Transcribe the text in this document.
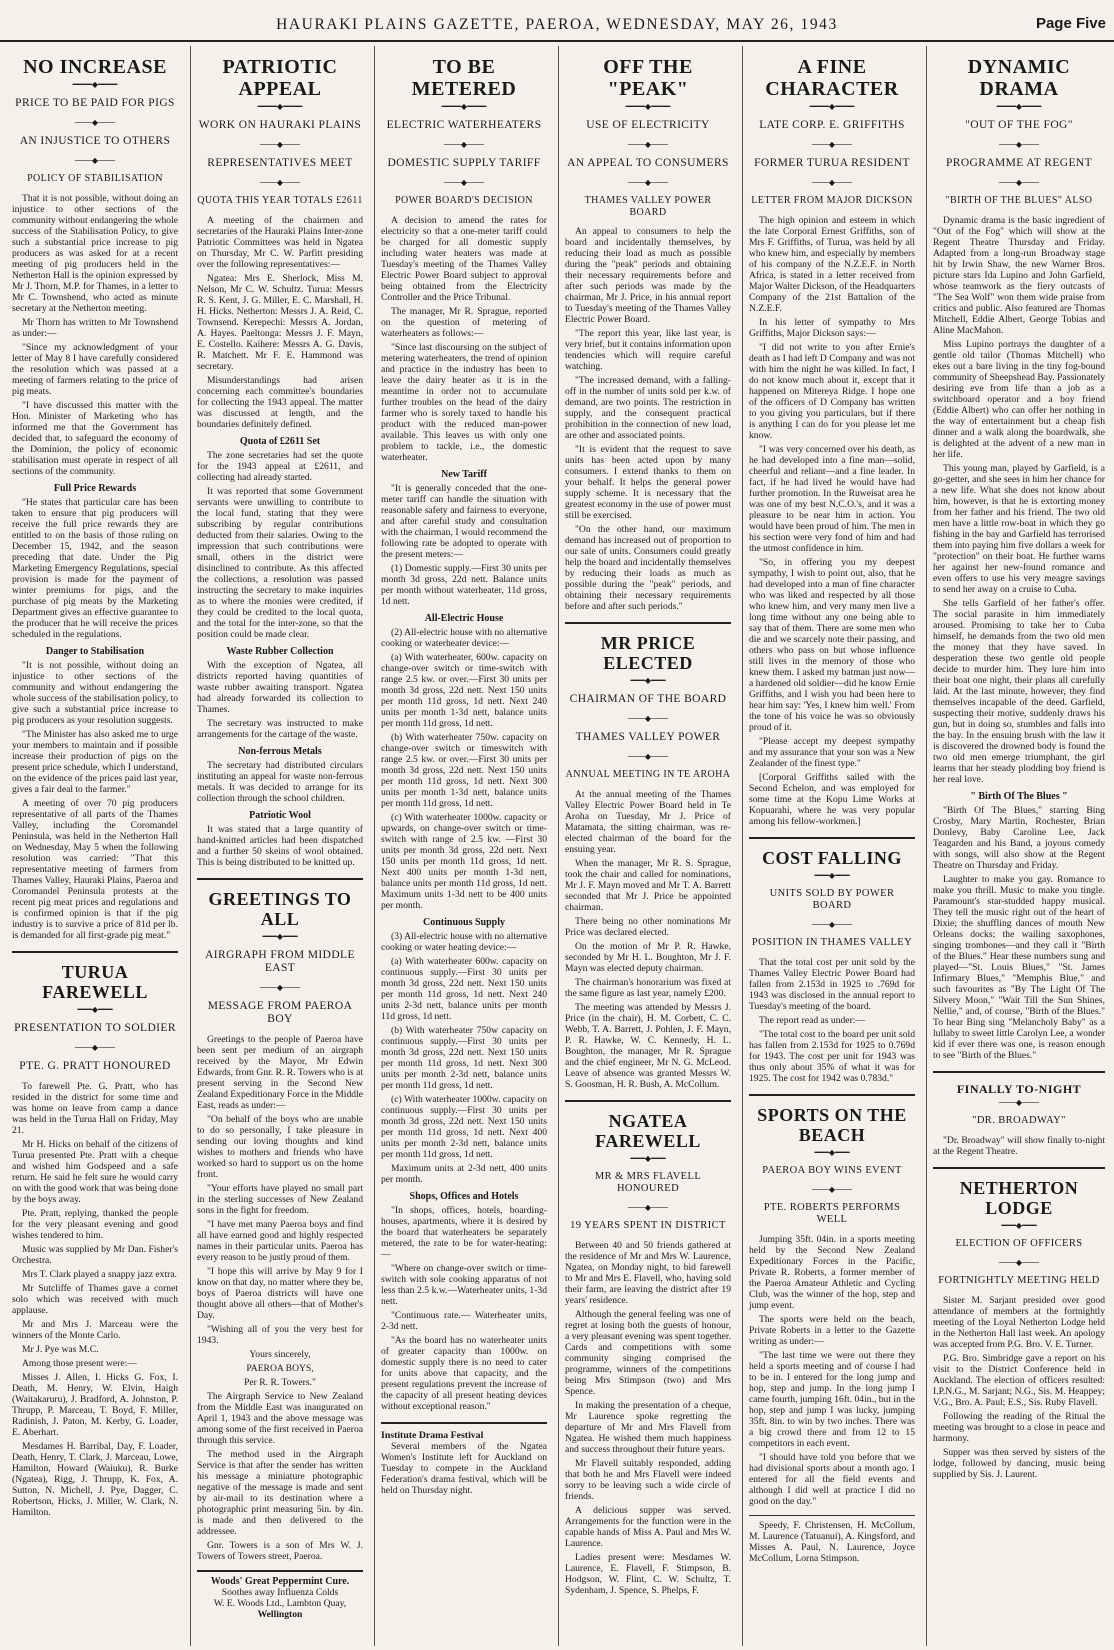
HAURAKI PLAINS GAZETTE, PAEROA, WEDNESDAY, MAY 26, 1943	Page Five
NO INCREASE
━━━━◆━━━━
PRICE TO BE PAID FOR PIGS
───◆───
AN INJUSTICE TO OTHERS
───◆───
POLICY OF STABILISATION

That it is not possible, without doing an injustice to other sections of the community without endangering the whole success of the Stabilisation Policy, to give such a substantial price increase to pig producers as was asked for at a recent meeting of pig producers held in the Netherton Hall is the opinion expressed by Mr J. Thorn, M.P. for Thames, in a letter to Mr C. Townshend, who acted as minute secretary at the Netherton meeting.

Mr Thorn has written to Mr Townshend as under:—

"Since my acknowledgment of your letter of May 8 I have carefully considered the resolution which was passed at a meeting of farmers relating to the price of pig meats.

"I have discussed this matter with the Hon. Minister of Marketing who has informed me that the Government has decided that, to safeguard the economy of the Dominion, the policy of economic stabilisation must operate in respect of all sections of the community.

Full Price Rewards

"He states that particular care has been taken to ensure that pig producers will receive the full price rewards they are entitled to on the basis of those ruling on December 15, 1942, and the season preceding that date. Under the Pig Marketing Emergency Regulations, special provision is made for the payment of winter premiums for pigs, and the purchase of pig meats by the Marketing Department gives an effective guarantee to the producer that he will receive the prices scheduled in the regulations.

Danger to Stabilisation

"It is not possible, without doing an injustice to other sections of the community and without endangering the whole success of the stabilisation policy, to give such a substantial price increase to pig producers as your resolution suggests.

"The Minister has also asked me to urge your members to maintain and if possible increase their production of pigs on the present price schedule, which I understand, on the evidence of the prices paid last year, gives a fair deal to the farmer."

A meeting of over 70 pig producers representative of all parts of the Thames Valley, including the Coromandel Peninsula, was held in the Netherton Hall on Wednesday, May 5 when the following resolution was carried: "That this representative meeting of farmers from Thames Valley, Hauraki Plains, Paeroa and Coromandel Peninsula protests at the recent pig meat prices and regulations and is confirmed opinion is that if the pig industry is to survive a price of 81d per lb. is demanded for all first-grade pig meat."

TURUA FAREWELL
━━━◆━━━
PRESENTATION TO SOLDIER
───◆───
PTE. G. PRATT HONOURED

To farewell Pte. G. Pratt, who has resided in the district for some time and was home on leave from camp a dance was held in the Turua Hall on Friday, May 21.

Mr H. Hicks on behalf of the citizens of Turua presented Pte. Pratt with a cheque and wished him Godspeed and a safe return. He said he felt sure he would carry on with the good work that was being done by the boys away.

Pte. Pratt, replying, thanked the people for the very pleasant evening and good wishes tendered to him.

Music was supplied by Mr Dan. Fisher's Orchestra.

Mrs T. Clark played a snappy jazz extra.

Mr Sutcliffe of Thames gave a cornet solo which was received with much applause.

Mr and Mrs J. Marceau were the winners of the Monte Carlo.

Mr J. Pye was M.C.

Among those present were:—

Misses J. Allen, I. Hicks G. Fox, I. Death, M. Henry, W. Elvin, Haigh (Waitakaruru), J. Bradford, A. Johnston, P. Thrupp, P. Marceau, T. Boyd, F. Miller, Radinish, J. Paton, M. Kerby, G. Loader, E. Aberhart.

Mesdames H. Barribal, Day, F. Loader, Death, Henry, T. Clark, J. Marceau, Lowe, Hamilton, Howard (Waiuku), R. Burke (Ngatea), Rigg, J. Thrupp, K. Fox, A. Sutton, N. Michell, J. Pye, Dagger, C. Robertson, Hicks, J. Miller, W. Clark, N. Hamilton.

PATRIOTIC APPEAL
━━━━◆━━━━
WORK ON HAURAKI PLAINS
───◆───
REPRESENTATIVES MEET
───◆───
QUOTA THIS YEAR TOTALS £2611

A meeting of the chairmen and secretaries of the Hauraki Plains Inter-zone Patriotic Committees was held in Ngatea on Thursday, Mr C. W. Parfitt presiding over the following representatives:—

Ngatea: Mrs E. Sherlock, Miss M. Nelson, Mr C. W. Schultz. Turua: Messrs R. S. Kent, J. G. Miller, E. C. Marshall, H. H. Hicks. Netherton: Messrs J. A. Reid, C. Townsend. Kerepechi: Messrs A. Jordan, A. Hayes. Paeltonga: Messrs J. F. Mayn, E. Costello. Kaihere: Messrs A. G. Davis, R. Matchett. Mr F. E. Hammond was secretary.

Misunderstandings had arisen concerning each committee's boundaries for collecting the 1943 appeal. The matter was discussed at length, and the boundaries definitely defined.

Quota of £2611 Set

The zone secretaries had set the quote for the 1943 appeal at £2611, and collecting had already started.

It was reported that some Government servants were unwilling to contribute to the local fund, stating that they were subscribing by regular contributions deducted from their salaries. Owing to the impression that such contributions were small, others in the district were disinclined to contribute. As this affected the collections, a resolution was passed instructing the secretary to make inquiries as to where the monies were credited, if they could be credited to the local quota, and the total for the inter-zone, so that the position could be made clear.

Waste Rubber Collection

With the exception of Ngatea, all districts reported having quantities of waste rubber awaiting transport. Ngatea had already forwarded its collection to Thames.

The secretary was instructed to make arrangements for the cartage of the waste.

Non-ferrous Metals

The secretary had distributed circulars instituting an appeal for waste non-ferrous metals. It was decided to arrange for its collection through the school children.

Patriotic Wool

It was stated that a large quantity of hand-knitted articles had been dispatched and a further 50 skeins of wool obtained. This is being distributed to be knitted up.

GREETINGS TO ALL
━━━◆━━━
AIRGRAPH FROM MIDDLE EAST
───◆───
MESSAGE FROM PAEROA BOY

Greetings to the people of Paeroa have been sent per medium of an airgraph received by the Mayor, Mr Edwin Edwards, from Gnr. R. R. Towers who is at present serving in the Second New Zealand Expeditionary Force in the Middle East, reads as under:—

"On behalf of the boys who are unable to do so personally, I take pleasure in sending our loving thoughts and kind wishes to mothers and friends who have worked so hard to support us on the home front.

"Your efforts have played no small part in the sterling successes of New Zealand sons in the fight for freedom.

"I have met many Paeroa boys and find all have earned good and highly respected names in their particular units. Paeroa has every reason to be justly proud of them.

"I hope this will arrive by May 9 for I know on that day, no matter where they be, boys of Paeroa districts will have one thought above all others—that of Mother's Day.

"Wishing all of you the very best for 1943.

Yours sincerely,
PAEROA BOYS,
Per R. R. Towers."

The Airgraph Service to New Zealand from the Middle East was inaugurated on April 1, 1943 and the above message was among some of the first received in Paeroa through this service.

The method used in the Airgraph Service is that after the sender has written his message a miniature photographic negative of the message is made and sent by air-mail to its destination where a photographic print measuring 5in. by 4in. is made and then delivered to the addressee.

Gnr. Towers is a son of Mrs W. J. Towers of Towers street, Paeroa.

Woods' Great Peppermint Cure.
Soothes away Influenza Colds
W. E. Woods Ltd., Lambton Quay,
Wellington
TO BE METERED
━━━━◆━━━━
ELECTRIC WATERHEATERS
───◆───
DOMESTIC SUPPLY TARIFF
───◆───
POWER BOARD'S DECISION

A decision to amend the rates for electricity so that a one-meter tariff could be charged for all domestic supply including water heaters was made at Tuesday's meeting of the Thames Valley Electric Power Board subject to approval being obtained from the Electricity Controller and the Price Tribunal.

The manager, Mr R. Sprague, reported on the question of metering of waterheaters as follows:—

"Since last discoursing on the subject of metering waterheaters, the trend of opinion and practice in the industry has been to leave the dairy heater as it is in the meantime in order not to accumulate further troubles on the head of the dairy farmer who is sorely taxed to handle his product with the reduced man-power available. This leaves us with only one problem to tackle, i.e., the domestic waterheater.

New Tariff

"It is generally conceded that the one-meter tariff can handle the situation with reasonable safety and fairness to everyone, and after careful study and consultation with the chairman, I would recommend the following rate be adopted to operate with the present meters:—

(1) Domestic supply.—First 30 units per month 3d gross, 22d nett. Balance units per month without waterheater, 11d gross, 1d nett.

All-Electric House

(2) All-electric house with no alternative cooking or waterheater device:—

(a) With waterheater, 600w. capacity on change-over switch or time-switch with range 2.5 kw. or over.—First 30 units per month 3d gross, 22d nett. Next 150 units per month 11d gross, 1d nett. Next 240 units per month 1-3d nett, balance units per month 11d gross, 1d nett.

(b) With waterheater 750w. capacity on change-over switch or timeswitch with range 2.5 kw. or over.—First 30 units per month 3d gross, 22d nett. Next 150 units per month 11d gross, 1d nett. Next 300 units per month 1-3d nett, balance units per month 11d gross, 1d nett.

(c) With waterheater 1000w. capacity or upwards, on change-over switch or time-switch with range of 2.5 kw. —First 30 units per month 3d gross, 22d nett. Next 150 units per month 11d gross, 1d nett. Next 400 units per month 1-3d nett, balance units per month 11d gross, 1d nett. Maximum units 1-3d nett to be 400 units per month.

Continuous Supply

(3) All-electric house with no alternative cooking or water heating device:—

(a) With waterheater 600w. capacity on continuous supply.—First 30 units per month 3d gross, 22d nett. Next 150 units per month 11d gross, 1d nett. Next 240 units 2-3d nett, balance units per month 11d gross, 1d nett.

(b) With waterheater 750w capacity on continuous supply.—First 30 units per month 3d gross, 22d nett. Next 150 units per month 11d gross, 1d nett. Next 300 units per month 2-3d nett, balance units per month 11d gross, 1d nett.

(c) With waterheater 1000w. capacity on continuous supply.—First 30 units per month 3d gross, 22d nett. Next 150 units per month 11d gross, 1d nett. Next 400 units per month 2-3d nett, balance units per month 11d gross, 1d nett.

Maximum units at 2-3d nett, 400 units per month.

Shops, Offices and Hotels

"In shops, offices, hotels, boarding-houses, apartments, where it is desired by the board that waterheaters be separately metered, the rate to be for water-heating:—

"Where on change-over switch or time-switch with sole cooking apparatus of not less than 2.5 k.w.—Waterheater units, 1-3d nett.

"Continuous rate.— Waterheater units, 2-3d nett.

"As the board has no waterheater units of greater capacity than 1000w. on domestic supply there is no need to cater for units above that capacity, and the present regulations prevent the increase of the capacity of all present heating devices without exceptional reason."

Institute Drama Festival

Several members of the Ngatea Women's Institute left for Auckland on Tuesday to compete in the Auckland Federation's drama festival, which will be held on Thursday night.

OFF THE "PEAK"
━━━━◆━━━━
USE OF ELECTRICITY
───◆───
AN APPEAL TO CONSUMERS
───◆───
THAMES VALLEY POWER BOARD

An appeal to consumers to help the board and incidentally themselves, by reducing their load as much as possible during the "peak" periods and obtaining their necessary requirements before and after such periods was made by the chairman, Mr J. Price, in his annual report to Tuesday's meeting of the Thames Valley Electric Power Board.

"The report this year, like last year, is very brief, but it contains information upon tendencies which will require careful watching.

"The increased demand, with a falling-off in the number of units sold per k.w. of demand, are two points. The restriction in supply, and the consequent practical prohibition in the connection of new load, are other and associated points.

"It is evident that the request to save units has been acted upon by many consumers. I extend thanks to them on your behalf. It helps the general power supply scheme. It is necessary that the greatest economy in the use of power must still be exercised.

"On the other hand, our maximum demand has increased out of proportion to our sale of units. Consumers could greatly help the board and incidentally themselves by reducing their loads as much as possible during the "peak" periods, and obtaining their necessary requirements before and after such periods."

MR PRICE ELECTED
━━━◆━━━
CHAIRMAN OF THE BOARD
───◆───
THAMES VALLEY POWER
───◆───
ANNUAL MEETING IN TE AROHA

At the annual meeting of the Thames Valley Electric Power Board held in Te Aroha on Tuesday, Mr J. Price of Matamata, the sitting chairman, was re-elected chairman of the board for the ensuing year.

When the manager, Mr R. S. Sprague, took the chair and called for nominations, Mr J. F. Mayn moved and Mr T. A. Barrett seconded that Mr J. Price be appointed chairman.

There being no other nominations Mr Price was declared elected.

On the motion of Mr P. R. Hawke, seconded by Mr H. L. Boughton, Mr J. F. Mayn was elected deputy chairman.

The chairman's honorarium was fixed at the same figure as last year, namely £200.

The meeting was attended by Messrs J. Price (in the chair), H. M. Corbett, C. C. Webb, T. A. Barrett, J. Pohlen, J. F. Mayn, P. R. Hawke, W. C. Kennedy, H. L. Boughton, the manager, Mr R. Sprague and the chief engineer, Mr N. G. McLeod. Leave of absence was granted Messrs W. S. Goosman, H. R. Bush, A. McCollum.

NGATEA FAREWELL
━━━◆━━━
MR & MRS FLAVELL HONOURED
───◆───
19 YEARS SPENT IN DISTRICT

Between 40 and 50 friends gathered at the residence of Mr and Mrs W. Laurence, Ngatea, on Monday night, to bid farewell to Mr and Mrs E. Flavell, who, having sold their farm, are leaving the district after 19 years' residence.

Although the general feeling was one of regret at losing both the guests of honour, a very pleasant evening was spent together. Cards and competitions with some community singing comprised the programme, winners of the competitions being Mrs Stimpson (two) and Mrs Spence.

In making the presentation of a cheque, Mr Laurence spoke regretting the departure of Mr and Mrs Flavell from Ngatea. He wished them much happiness and success throughout their future years.

Mr Flavell suitably responded, adding that both he and Mrs Flavell were indeed sorry to be leaving such a wide circle of friends.

A delicious supper was served. Arrangements for the function were in the capable hands of Miss A. Paul and Mrs W. Laurence.

Ladies present were: Mesdames W. Laurence, E. Flavell, F. Stimpson, B. Hodgson, W. Flint, C. W. Schultz, T. Sydenham, J. Spence, S. Phelps, F.

A FINE CHARACTER
━━━━◆━━━━
LATE CORP. E. GRIFFITHS
───◆───
FORMER TURUA RESIDENT
───◆───
LETTER FROM MAJOR DICKSON

The high opinion and esteem in which the late Corporal Ernest Griffiths, son of Mrs F. Griffiths, of Turua, was held by all who knew him, and especially by members of his company of the N.Z.E.F. in North Africa, is stated in a letter received from Major Walter Dickson, of the Headquarters Company of the 21st Battalion of the N.Z.E.F.

In his letter of sympathy to Mrs Griffiths, Major Dickson says:—

"I did not write to you after Ernie's death as I had left D Company and was not with him the night he was killed. In fact, I do not know much about it, except that it happened on Mitereya Ridge. I hope one of the officers of D Company has written to you giving you particulars, but if there is anything I can do for you please let me know.

"I was very concerned over his death, as he had developed into a fine man—solid, cheerful and reliant—and a fine leader. In fact, if he had lived he would have had further promotion. In the Ruweisat area he was one of my best N.C.O.'s, and it was a pleasure to be near him in action. You would have been proud of him. The men in his section were very fond of him and had the utmost confidence in him.

"So, in offering you my deepest sympathy, I wish to point out, also, that he had developed into a man of fine character who was liked and respected by all those who knew him, and very many men live a long time without any one being able to say that of them. There are some men who die and we scarcely note their passing, and others who pass on but whose influence still lives in the memory of those who knew them. I asked my batman just now—a hardened old soldier—did he know Ernie Griffiths, and I wish you had been here to hear him say: 'Yes, I knew him well.' From the tone of his voice he was so obviously proud of it.

"Please accept my deepest sympathy and my assurance that your son was a New Zealander of the finest type."

[Corporal Griffiths sailed with the Second Echelon, and was employed for some time at the Kopu Lime Works at Kopuarahi, where he was very popular among his fellow-workmen.]

COST FALLING
━━━◆━━━
UNITS SOLD BY POWER BOARD
───◆───
POSITION IN THAMES VALLEY

That the total cost per unit sold by the Thames Valley Electric Power Board had fallen from 2.153d in 1925 to .769d for 1943 was disclosed in the annual report to Tuesday's meeting of the board.

The report read as under:—

"The total cost to the board per unit sold has fallen from 2.153d for 1925 to 0.769d for 1943. The cost per unit for 1943 was thus only about 35% of what it was for 1925. The cost for 1942 was 0.783d."

SPORTS ON THE BEACH
━━━◆━━━
PAEROA BOY WINS EVENT
───◆───
PTE. ROBERTS PERFORMS WELL

Jumping 35ft. 04in. in a sports meeting held by the Second New Zealand Expeditionary Forces in the Pacific, Private R. Roberts, a former member of the Paeroa Amateur Athletic and Cycling Club, was the winner of the hop, step and jump event.

The sports were held on the beach, Private Roberts in a letter to the Gazette writing as under:—

"The last time we were out there they held a sports meeting and of course I had to be in. I entered for the long jump and hop, step and jump. In the long jump I came fourth, jumping 16ft. 04in., but in the hop, step and jump I was lucky, jumping 35ft. 8in. to win by two inches. There was a big crowd there and from 12 to 15 competitors in each event.

"I should have told you before that we had divisional sports about a month ago. I entered for all the field events and although I did well at practice I did no good on the day."

Speedy, F. Christensen, H. McCollum, M. Laurence (Tatuanui), A. Kingsford, and Misses A. Paul, N. Laurence, Joyce McCollum, Lorna Stimpson.

DYNAMIC DRAMA
━━━━◆━━━━
"OUT OF THE FOG"
───◆───
PROGRAMME AT REGENT
───◆───
"BIRTH OF THE BLUES" ALSO

Dynamic drama is the basic ingredient of "Out of the Fog" which will show at the Regent Theatre Thursday and Friday. Adapted from a long-run Broadway stage hit by Irwin Shaw, the new Warner Bros. picture stars Ida Lupino and John Garfield, whose teamwork as the fiery outcasts of "The Sea Wolf" won them wide praise from critics and public. Also featured are Thomas Mitchell, Eddie Albert, George Tobias and Aline MacMahon.

Miss Lupino portrays the daughter of a gentle old tailor (Thomas Mitchell) who ekes out a bare living in the tiny fog-bound community of Sheepshead Bay. Passionately desiring eve from life than a job as a switchboard operator and a boy friend (Eddie Albert) who can offer her nothing in the way of entertainment but a cheap fish dinner and a walk along the boardwalk, she is delighted at the advent of a new man in her life.

This young man, played by Garfield, is a go-getter, and she sees in him her chance for a new life. What she does not know about him, however, is that he is extorting money from her father and his friend. The two old men have a little row-boat in which they go fishing in the bay and Garfield has terrorised them into paying him five dollars a week for "protection" on their boat. He further warns her against her new-found romance and even offers to use his very meagre savings to send her away on a cruise to Cuba.

She tells Garfield of her father's offer. The social parasite in him immediately aroused. Promising to take her to Cuba himself, he demands from the two old men the money that they have saved. In desperation these two gentle old people decide to murder him. They lure him into their boat one night, their plans all carefully laid. At the last minute, however, they find themselves incapable of the deed. Garfield, suspecting their motive, suddenly draws his gun, but in doing so, stumbles and falls into the bay. In the ensuing brush with the law it is discovered the drowned body is found the two old men emerge triumphant, the girl learns that her steady plodding boy friend is her real love.

" Birth Of The Blues "

"Birth Of The Blues," starring Bing Crosby, Mary Martin, Rochester, Brian Donlevy, Baby Caroline Lee, Jack Teagarden and his Band, a joyous comedy with songs, will also show at the Regent Theatre on Thursday and Friday.

Laughter to make you gay. Romance to make you thrill. Music to make you tingle. Paramount's star-studded happy musical. They tell the music right out of the heart of Dixie; the shuffling dances of mouth New Orleans docks; the wailing saxophones, singing trombones—and they call it "Birth of the Blues." Hear these numbers sung and played—"St. Louis Blues," "St. James Infirmary Blues," "Memphis Blue," and such favourites as "By The Light Of The Silvery Moon," "Wait Till the Sun Shines, Nellie," and, of course, "Birth of the Blues." To hear Bing sing "Melancholy Baby" as a lullaby to sweet little Carolyn Lee, a wonder kid if ever there was one, is reason enough to see "Birth of the Blues."

FINALLY TO-NIGHT
───◆───
"DR. BROADWAY"

"Dr. Broadway" will show finally to-night at the Regent Theatre.

NETHERTON LODGE
━━━◆━━━
ELECTION OF OFFICERS
───◆───
FORTNIGHTLY MEETING HELD

Sister M. Sarjant presided over good attendance of members at the fortnightly meeting of the Loyal Netherton Lodge held in the Netherton Hall last week. An apology was accepted from P.G. Bro. V. E. Turner.

P.G. Bro. Simbridge gave a report on his visit to the District Conference held in Auckland. The election of officers resulted: I.P.N.G., M. Sarjant; N.G., Sis. M. Heappey; V.G., Bro. A. Paul; E.S., Sis. Ruby Flavell.

Following the reading of the Ritual the meeting was brought to a close in peace and harmony.

Supper was then served by sisters of the lodge, followed by dancing, music being supplied by Sis. J. Laurent.
